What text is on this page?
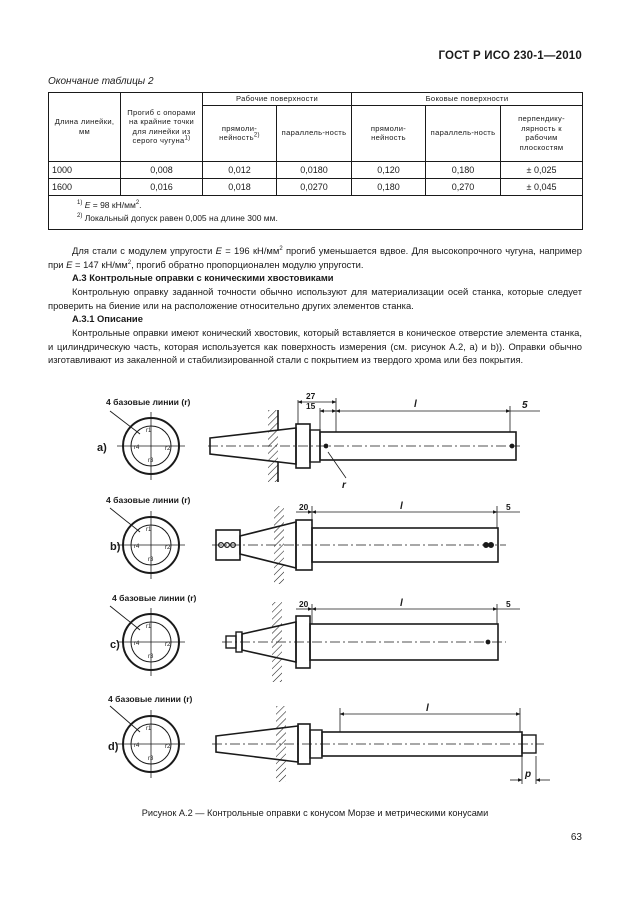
ГОСТ Р ИСО 230-1—2010
Окончание таблицы 2
Длина линейки, мм	Прогиб с опорами на крайние точки для линейки из серого чугуна$^{1)}$	Рабочие поверхности		Боковые поверхности		
		прямоли-нейность$^{2)}$	параллель-ность	прямоли-нейность	параллель-ность	перпендику-лярность к рабочим плоскостям
1000	0,008	0,012	0,0180	0,120	0,180	± 0,025
1600	0,016	0,018	0,0270	0,180	0,270	± 0,045

$^{1)}$ E = 98 $кН/мм^2$.
$^{2)}$ Локальный допуск равен 0,005 на длине 300 мм.						
Для стали с модулем упругости E = 196 $кН/мм^2$ прогиб уменьшается вдвое. Для высокопрочного чугуна, например при E = 147 $кН/мм^2$, прогиб обратно пропорционален модулю упругости.
А.3 Контрольные оправки с коническими хвостовиками
Контрольную оправку заданной точности обычно используют для материализации осей станка, которые следует проверить на биение или на расположение относительно других элементов станка.
А.3.1 Описание
Контрольные оправки имеют конический хвостовик, который вставляется в коническое отверстие элемента станка, и цилиндрическую часть, которая используется как поверхность измерения (см. рисунок А.2, а) и b)). Оправки обычно изготавливают из закаленной и стабилизированной стали с покрытием из твердого хрома или без покрытия.
4 базовые линии (r)
4 базовые линии (r)
4 базовые линии (r)
4 базовые линии (r)
a)
b)
c)
d)
r1
r2
r3
r4
r1
r2
r3
r4
r1
r2
r3
r4
r1
r2
r3
r4
27
15
20
20
5
5
l
l
l
l
5
r
p
Рисунок А.2 — Контрольные оправки с конусом Морзе и метрическими конусами
63
